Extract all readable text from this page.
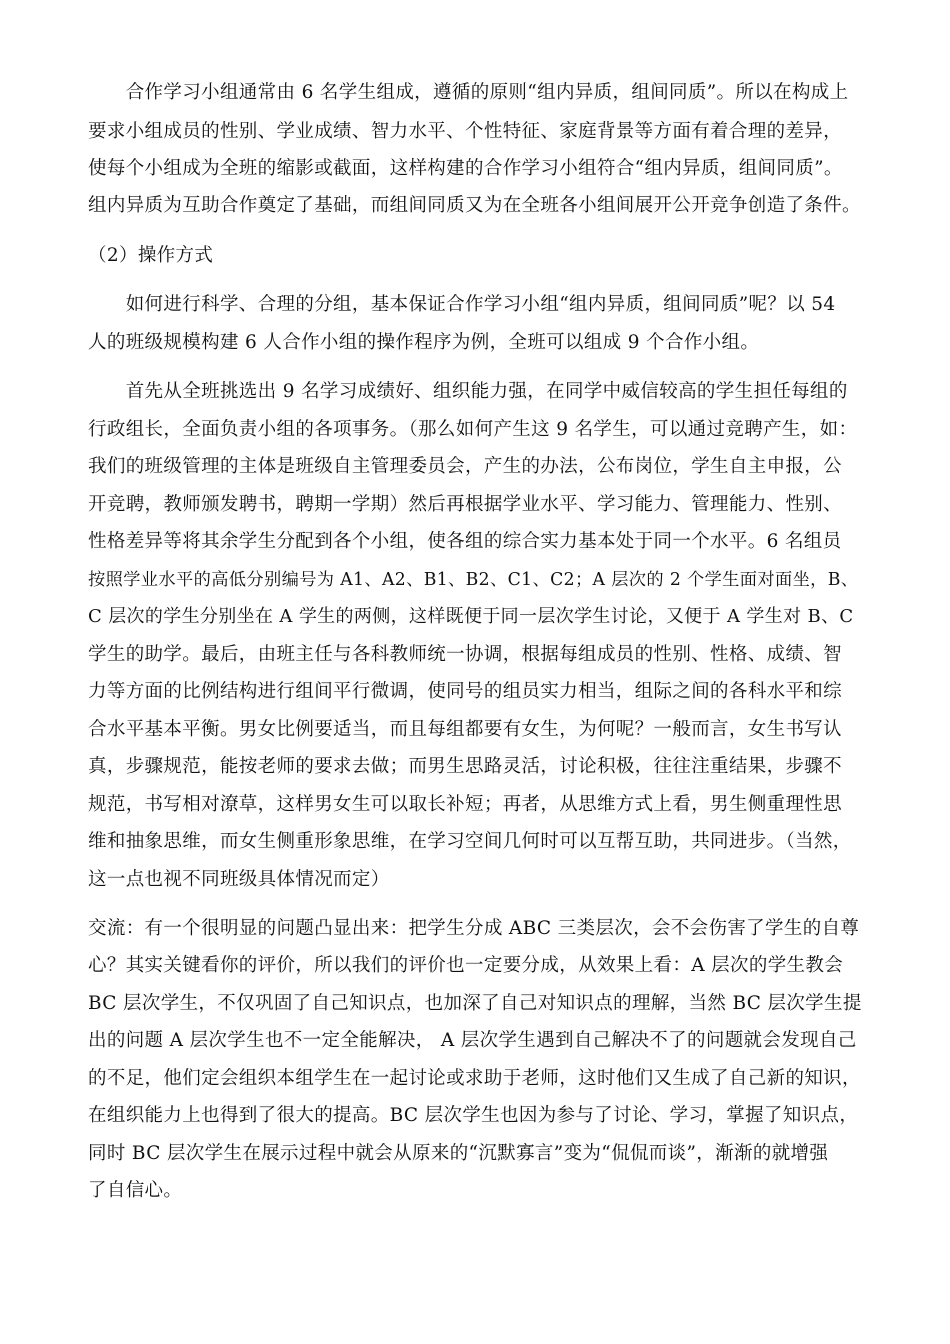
　　合作学习小组通常由 6 名学生组成，遵循的原则“组内异质，组间同质”。所以在构成上
要求小组成员的性别、学业成绩、智力水平、个性特征、家庭背景等方面有着合理的差异，
使每个小组成为全班的缩影或截面，这样构建的合作学习小组符合“组内异质，组间同质”。
组内异质为互助合作奠定了基础，而组间同质又为在全班各小组间展开公开竞争创造了条件。
（2）操作方式
　　如何进行科学、合理的分组，基本保证合作学习小组“组内异质，组间同质”呢？以 54
人的班级规模构建 6 人合作小组的操作程序为例，全班可以组成 9 个合作小组。
　　首先从全班挑选出 9 名学习成绩好、组织能力强，在同学中威信较高的学生担任每组的
行政组长，全面负责小组的各项事务。（那么如何产生这 9 名学生，可以通过竞聘产生，如：
我们的班级管理的主体是班级自主管理委员会，产生的办法，公布岗位，学生自主申报，公
开竞聘，教师颁发聘书，聘期一学期）然后再根据学业水平、学习能力、管理能力、性别、
性格差异等将其余学生分配到各个小组，使各组的综合实力基本处于同一个水平。6 名组员
按照学业水平的高低分别编号为 A1、A2、B1、B2、C1、C2；A 层次的 2 个学生面对面坐，B、
C 层次的学生分别坐在 A 学生的两侧，这样既便于同一层次学生讨论，又便于 A 学生对 B、C
学生的助学。最后，由班主任与各科教师统一协调，根据每组成员的性别、性格、成绩、智
力等方面的比例结构进行组间平行微调，使同号的组员实力相当，组际之间的各科水平和综
合水平基本平衡。男女比例要适当，而且每组都要有女生，为何呢？一般而言，女生书写认
真，步骤规范，能按老师的要求去做；而男生思路灵活，讨论积极，往往注重结果，步骤不
规范，书写相对潦草，这样男女生可以取长补短；再者，从思维方式上看，男生侧重理性思
维和抽象思维，而女生侧重形象思维，在学习空间几何时可以互帮互助，共同进步。（当然，
这一点也视不同班级具体情况而定）
交流：有一个很明显的问题凸显出来：把学生分成 ABC 三类层次，会不会伤害了学生的自尊
心？其实关键看你的评价，所以我们的评价也一定要分成，从效果上看：A 层次的学生教会
BC 层次学生，不仅巩固了自己知识点，也加深了自己对知识点的理解，当然 BC 层次学生提
出的问题 A 层次学生也不一定全能解决， A 层次学生遇到自己解决不了的问题就会发现自己
的不足，他们定会组织本组学生在一起讨论或求助于老师，这时他们又生成了自己新的知识，
在组织能力上也得到了很大的提高。BC 层次学生也因为参与了讨论、学习，掌握了知识点，
同时 BC 层次学生在展示过程中就会从原来的“沉默寡言”变为“侃侃而谈”，渐渐的就增强
了自信心。
